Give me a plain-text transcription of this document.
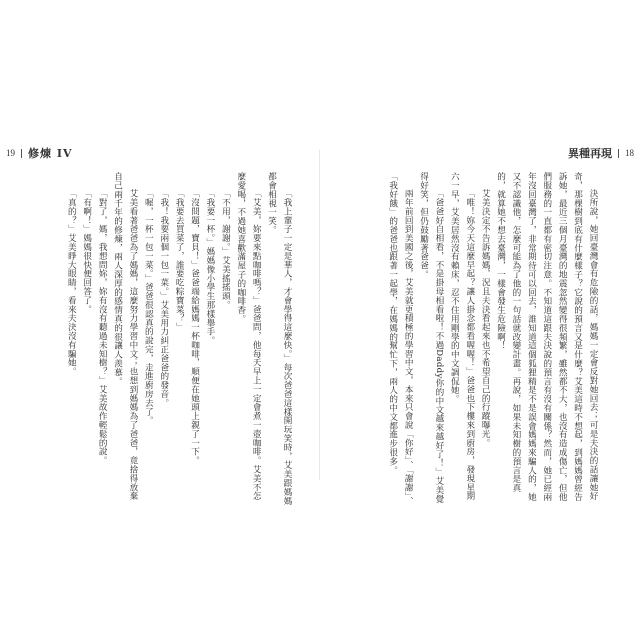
19 修煉 IV

「我上輩子一定是華人，才會學得這麼快。」每次爸爸這樣開玩笑時，艾美跟媽媽都會相視一笑。

「艾美，妳要來點咖啡嗎？」爸爸問，他每天早上一定會煮一壺咖啡。艾美不怎麼愛喝，不過她喜歡滿屋子的咖啡香。

「不用，謝謝。」艾美搖搖頭。

「我要一杯。」媽媽像小學生那樣舉手。

「沒問題，寶貝！」爸爸端給媽媽一杯咖啡，順便在她頭上親了一下。

「我要去買菜了，誰要吃粽寶菜？」

「我！我要兩個一包一菜。」艾美用力糾正爸爸的發音。

「喔，一杯一包一菜。」爸爸很認真的說完，走進廚房去了。

艾美看著爸爸為了媽媽，這麼努力學習中文；也想到媽媽為了爸爸，竟捨得放棄自己兩千年的修煉，兩人深厚的感情真的很讓人羨慕。

「對了，媽，我想問妳，妳有沒有聽過未知樹？」艾美故作輕鬆的說。

「有啊！」媽媽很快便回答了。

「真的？」艾美睜大眼睛，看來夫決沒有騙她。

異種再現 18

決所說，她回臺灣會有危險的話，媽媽一定會反對她回去；可是夫決的話讓她好奇，那棵樹到底有什麼樣子？它說的預言又是什麼？艾美這時不想起，到媽媽曾經告訴她，最近三個月臺灣的地震忽然變得很頻繁，雖然都不大，也沒有造成傷亡，但他們服務的一直都有密切注意。不知道這跟夫決說的預言有沒有關係？然而，她已經兩年沒回臺灣了，非常期待可以回去，誰知道這個狐狸精是不是誤會媽媽來騙人的，她又不認識他，怎麼可能為了他的一句話就改變計畫。再說，如果未知樹的預言是真的，就算她不想去臺灣，一樣會發生危險啊！

艾美決定不告訴媽媽，況且夫決看起來也不希望自己的行蹤曝光。

「唯！妳今天這麼早起？讓人掛念都看喔喔！」爸爸也下樓來到廚房，發現星期六一早，艾美居然沒有賴床，忍不住用剛學的中文調侃她。

「爸爸好自相看，不是掛母相看啦！不過Daddy你的中文越來越好了！」艾美覺得好笑，但仍鼓勵著爸爸。

兩年前回到美國之後，艾美就更積極的學習中文，本來只會說「你好」、「謝謝」、「我好餓」的爸爸也跟著一起學，在媽媽的幫忙下，兩人的中文都進步很多。
